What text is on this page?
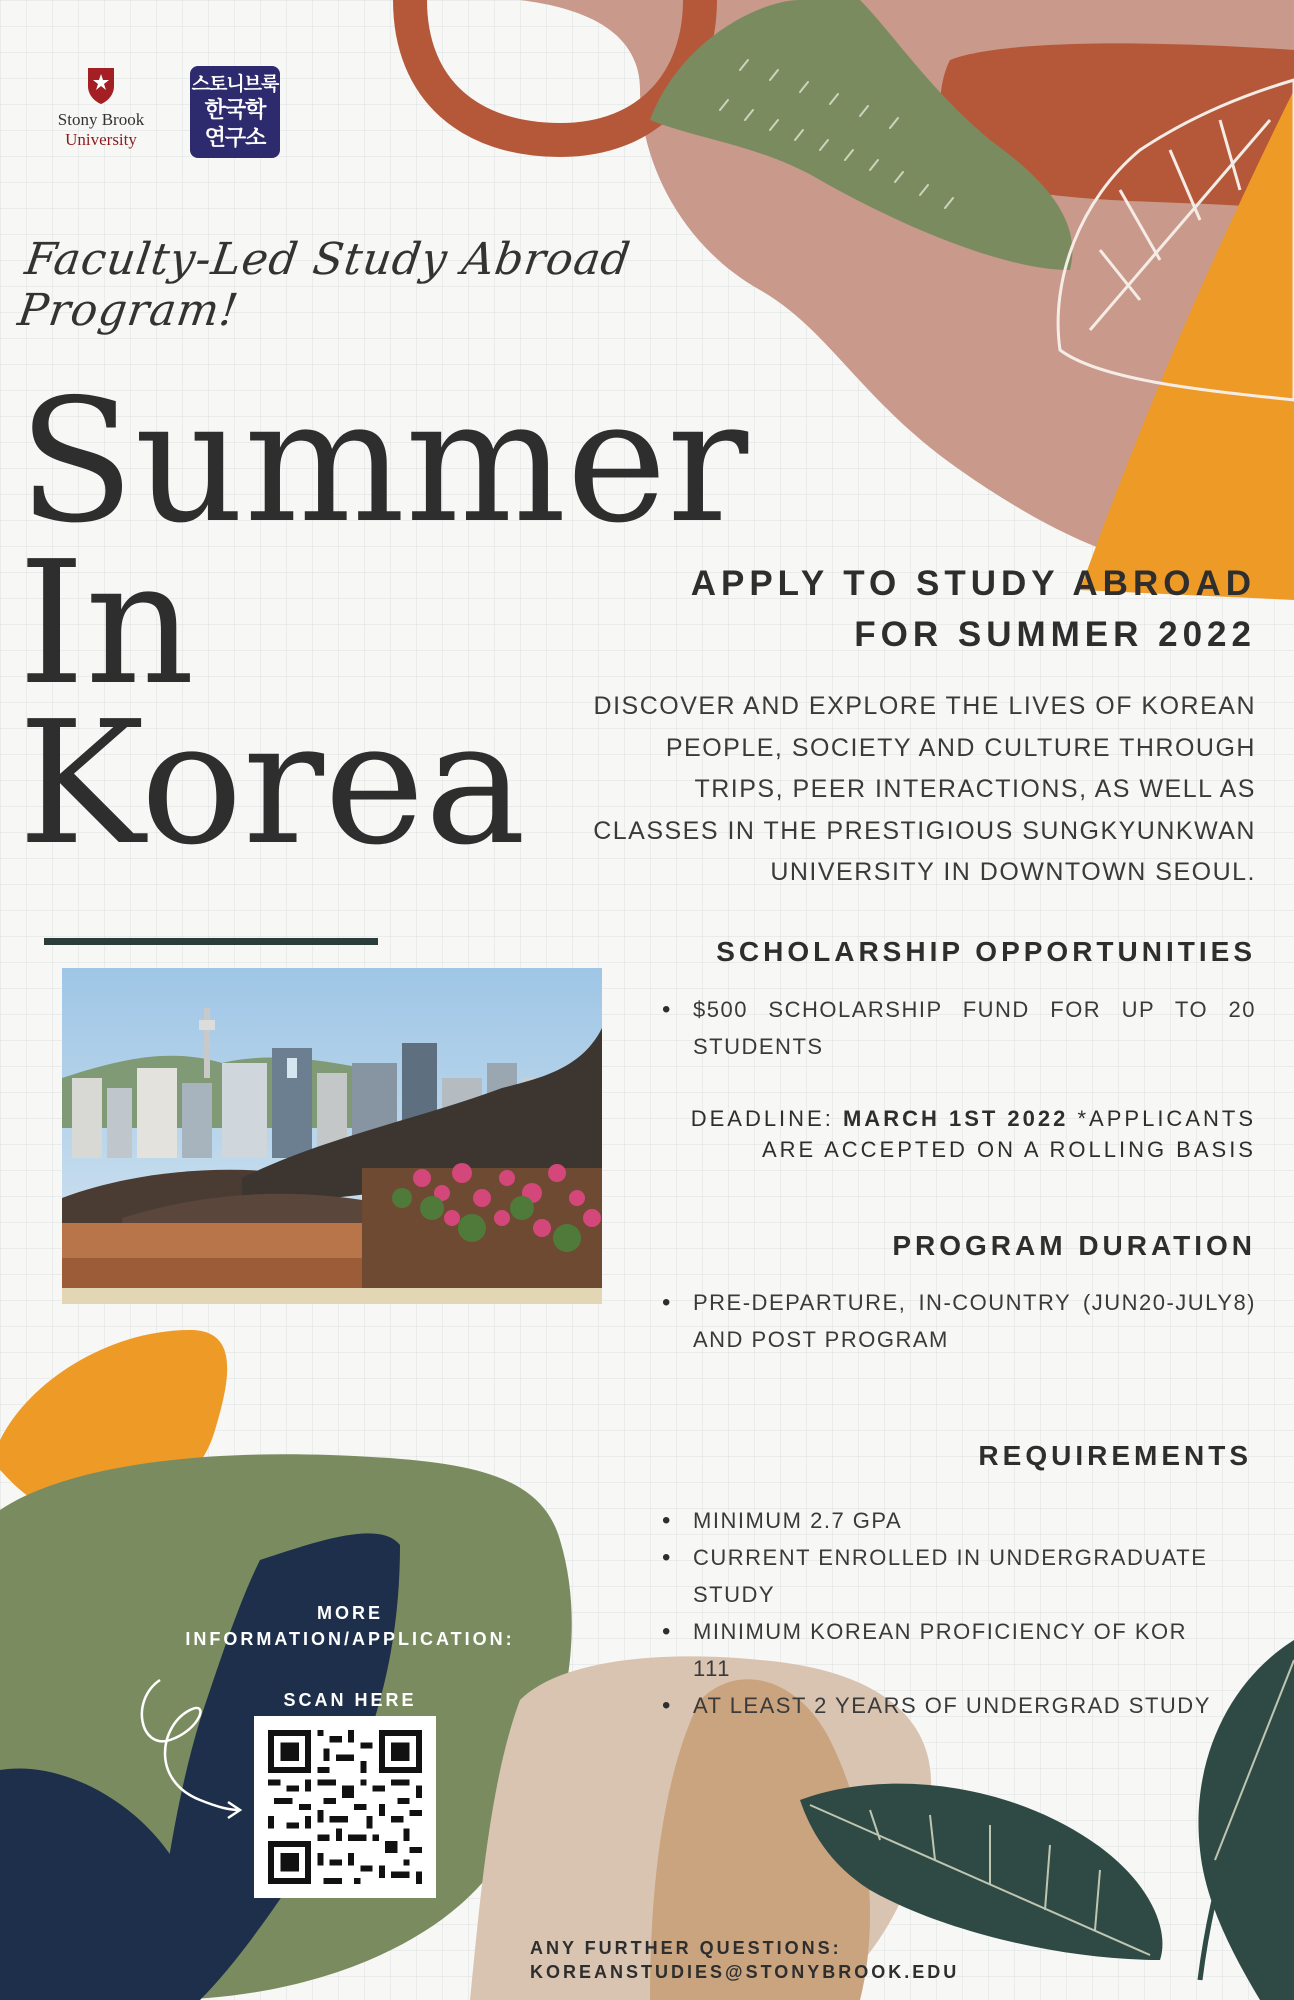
Stony Brook
University
스토니브룩
한국학
연구소
Faculty-Led Study Abroad Program!
Summer
In
Korea
APPLY TO STUDY ABROAD
FOR SUMMER 2022
DISCOVER AND EXPLORE THE LIVES OF KOREAN
PEOPLE, SOCIETY AND CULTURE THROUGH
TRIPS, PEER INTERACTIONS, AS WELL AS
CLASSES IN THE PRESTIGIOUS SUNGKYUNKWAN
UNIVERSITY IN DOWNTOWN SEOUL.
SCHOLARSHIP OPPORTUNITIES
• $500 SCHOLARSHIP FUND FOR UP TO 20 STUDENTS
DEADLINE: MARCH 1ST 2022 *APPLICANTS
ARE ACCEPTED ON A ROLLING BASIS
PROGRAM DURATION
• PRE-DEPARTURE, IN-COUNTRY (JUN20-JULY8) AND POST PROGRAM
REQUIREMENTS
• MINIMUM 2.7 GPA
• CURRENT ENROLLED IN UNDERGRADUATE STUDY
• MINIMUM KOREAN PROFICIENCY OF KOR 111
• AT LEAST 2 YEARS OF UNDERGRAD STUDY
MORE
INFORMATION/APPLICATION:
SCAN HERE
ANY FURTHER QUESTIONS:
KOREANSTUDIES@STONYBROOK.EDU
